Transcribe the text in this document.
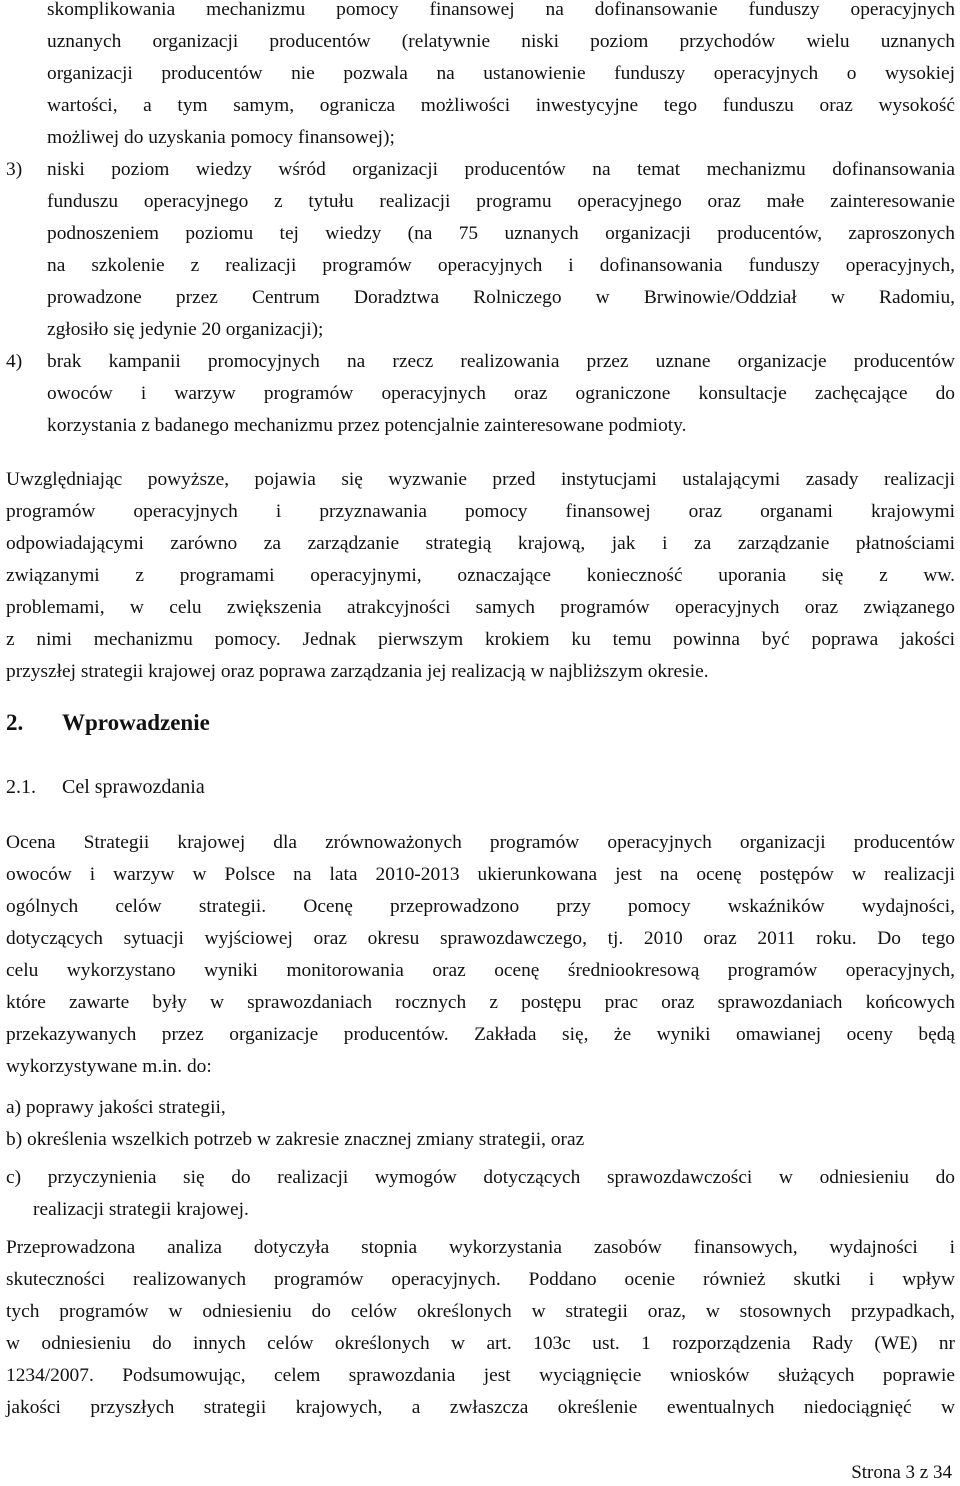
skomplikowania mechanizmu pomocy finansowej na dofinansowanie funduszy operacyjnych
uznanych organizacji producentów (relatywnie niski poziom przychodów wielu uznanych
organizacji producentów nie pozwala na ustanowienie funduszy operacyjnych o wysokiej
wartości, a tym samym, ogranicza możliwości inwestycyjne tego funduszu oraz wysokość
możliwej do uzyskania pomocy finansowej);
3) niski poziom wiedzy wśród organizacji producentów na temat mechanizmu dofinansowania
funduszu operacyjnego z tytułu realizacji programu operacyjnego oraz małe zainteresowanie
podnoszeniem poziomu tej wiedzy (na 75 uznanych organizacji producentów, zaproszonych
na szkolenie z realizacji programów operacyjnych i dofinansowania funduszy operacyjnych,
prowadzone przez Centrum Doradztwa Rolniczego w Brwinowie/Oddział w Radomiu,
zgłosiło się jedynie 20 organizacji);
4) brak kampanii promocyjnych na rzecz realizowania przez uznane organizacje producentów
owoców i warzyw programów operacyjnych oraz ograniczone konsultacje zachęcające do
korzystania z badanego mechanizmu przez potencjalnie zainteresowane podmioty.
Uwzględniając powyższe, pojawia się wyzwanie przed instytucjami ustalającymi zasady realizacji
programów operacyjnych i przyznawania pomocy finansowej oraz organami krajowymi
odpowiadającymi zarówno za zarządzanie strategią krajową, jak i za zarządzanie płatnościami
związanymi z programami operacyjnymi, oznaczające konieczność uporania się z ww.
problemami, w celu zwiększenia atrakcyjności samych programów operacyjnych oraz związanego
z nimi mechanizmu pomocy. Jednak pierwszym krokiem ku temu powinna być poprawa jakości
przyszłej strategii krajowej oraz poprawa zarządzania jej realizacją w najbliższym okresie.
2. Wprowadzenie
2.1. Cel sprawozdania
Ocena Strategii krajowej dla zrównoważonych programów operacyjnych organizacji producentów
owoców i warzyw w Polsce na lata 2010-2013 ukierunkowana jest na ocenę postępów w realizacji
ogólnych celów strategii. Ocenę przeprowadzono przy pomocy wskaźników wydajności,
dotyczących sytuacji wyjściowej oraz okresu sprawozdawczego, tj. 2010 oraz 2011 roku. Do tego
celu wykorzystano wyniki monitorowania oraz ocenę średniookresową programów operacyjnych,
które zawarte były w sprawozdaniach rocznych z postępu prac oraz sprawozdaniach końcowych
przekazywanych przez organizacje producentów. Zakłada się, że wyniki omawianej oceny będą
wykorzystywane m.in. do:
a) poprawy jakości strategii,
b) określenia wszelkich potrzeb w zakresie znacznej zmiany strategii, oraz
c) przyczynienia się do realizacji wymogów dotyczących sprawozdawczości w odniesieniu do
realizacji strategii krajowej.
Przeprowadzona analiza dotyczyła stopnia wykorzystania zasobów finansowych, wydajności i
skuteczności realizowanych programów operacyjnych. Poddano ocenie również skutki i wpływ
tych programów w odniesieniu do celów określonych w strategii oraz, w stosownych przypadkach,
w odniesieniu do innych celów określonych w art. 103c ust. 1 rozporządzenia Rady (WE) nr
1234/2007. Podsumowując, celem sprawozdania jest wyciągnięcie wniosków służących poprawie
jakości przyszłych strategii krajowych, a zwłaszcza określenie ewentualnych niedociągnięć w
Strona 3 z 34
